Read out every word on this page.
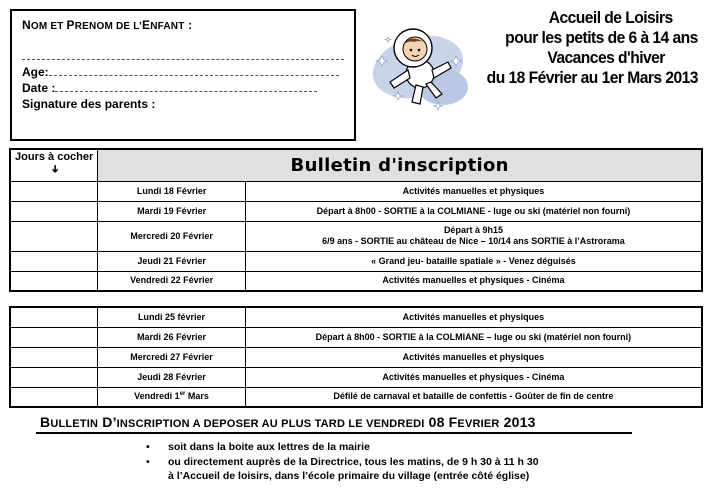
NOM ET PRENOM DE L’ENFANT :
Age:
Date :
Signature des parents :
Accueil de Loisirs
pour les petits de 6 à 14 ans
Vacances d'hiver
du 18 Février au 1er Mars 2013
Jours à cocher ➔	Bulletin d'inscription	
	Lundi 18 Février	Activités manuelles et physiques
	Mardi 19 Février	Départ à 8h00 - SORTIE à la COLMIANE - luge ou ski (matériel non fourni)
	Mercredi 20 Février	Départ à 9h15
6/9 ans - SORTIE au château de Nice – 10/14 ans SORTIE à l’Astrorama

	Jeudi 21 Février	« Grand jeu- bataille spatiale » - Venez déguisés
	Vendredi 22 Février	Activités manuelles et physiques - Cinéma
	Lundi 25 février	Activités manuelles et physiques
	Mardi 26 Février	Départ à 8h00 - SORTIE à la COLMIANE – luge ou ski (matériel non fourni)
	Mercredi 27 Février	Activités manuelles et physiques
	Jeudi 28 Février	Activités manuelles et physiques - Cinéma
	Vendredi 1er Mars	Défilé de carnaval et bataille de confettis - Goûter de fin de centre
BULLETIN D’INSCRIPTION A DEPOSER AU PLUS TARD LE VENDREDI 08 FEVRIER 2013
• soit dans la boite aux lettres de la mairie
• ou directement auprès de la Directrice, tous les matins, de 9 h 30 à 11 h 30
à l’Accueil de loisirs, dans l’école primaire du village (entrée côté église)
